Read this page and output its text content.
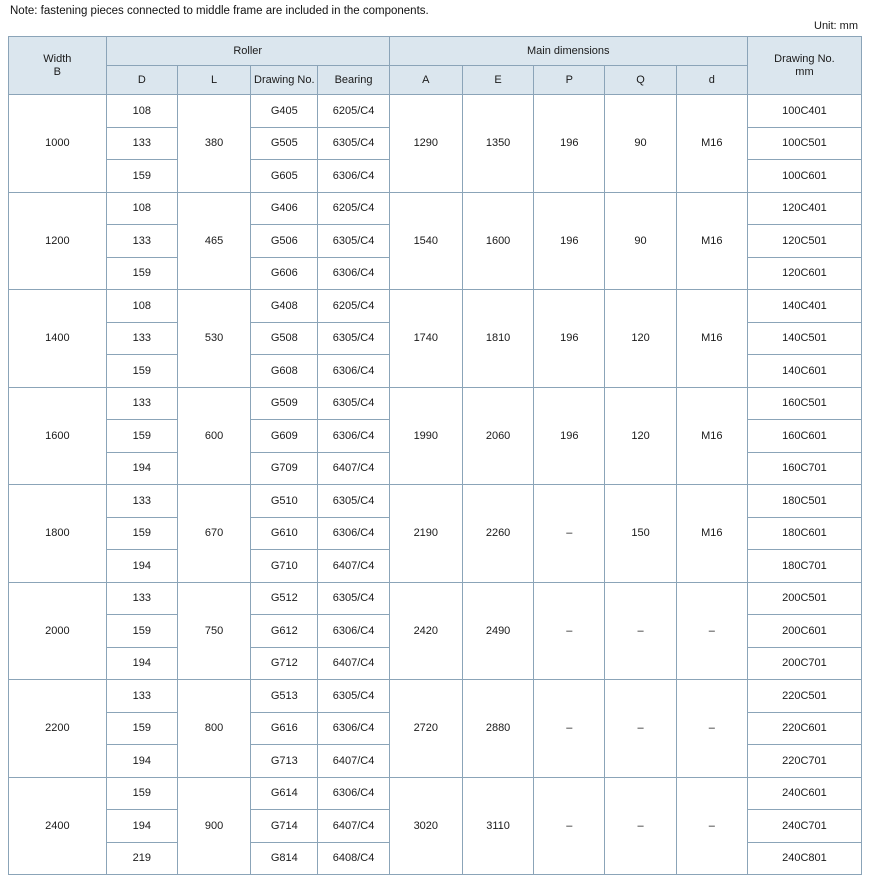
Note: fastening pieces connected to middle frame are included in the components.
Unit: mm
Width
B
	Roller	Main dimensions	
Drawing No.
mm

	D	L	Drawing No.	Bearing	A	E	P	Q	d	
1000	108	380	G405	6205/C4	1290	1350	196	90	M16	100C401
	133		G505	6305/C4						100C501
	159		G605	6306/C4						100C601
1200	108	465	G406	6205/C4	1540	1600	196	90	M16	120C401
	133		G506	6305/C4						120C501
	159		G606	6306/C4						120C601
1400	108	530	G408	6205/C4	1740	1810	196	120	M16	140C401
	133		G508	6305/C4						140C501
	159		G608	6306/C4						140C601
1600	133	600	G509	6305/C4	1990	2060	196	120	M16	160C501
	159		G609	6306/C4						160C601
	194		G709	6407/C4						160C701
1800	133	670	G510	6305/C4	2190	2260	–	150	M16	180C501
	159		G610	6306/C4						180C601
	194		G710	6407/C4						180C701
2000	133	750	G512	6305/C4	2420	2490	–	–	–	200C501
	159		G612	6306/C4						200C601
	194		G712	6407/C4						200C701
2200	133	800	G513	6305/C4	2720	2880	–	–	–	220C501
	159		G616	6306/C4						220C601
	194		G713	6407/C4						220C701
2400	159	900	G614	6306/C4	3020	3110	–	–	–	240C601
	194		G714	6407/C4						240C701
	219		G814	6408/C4						240C801
